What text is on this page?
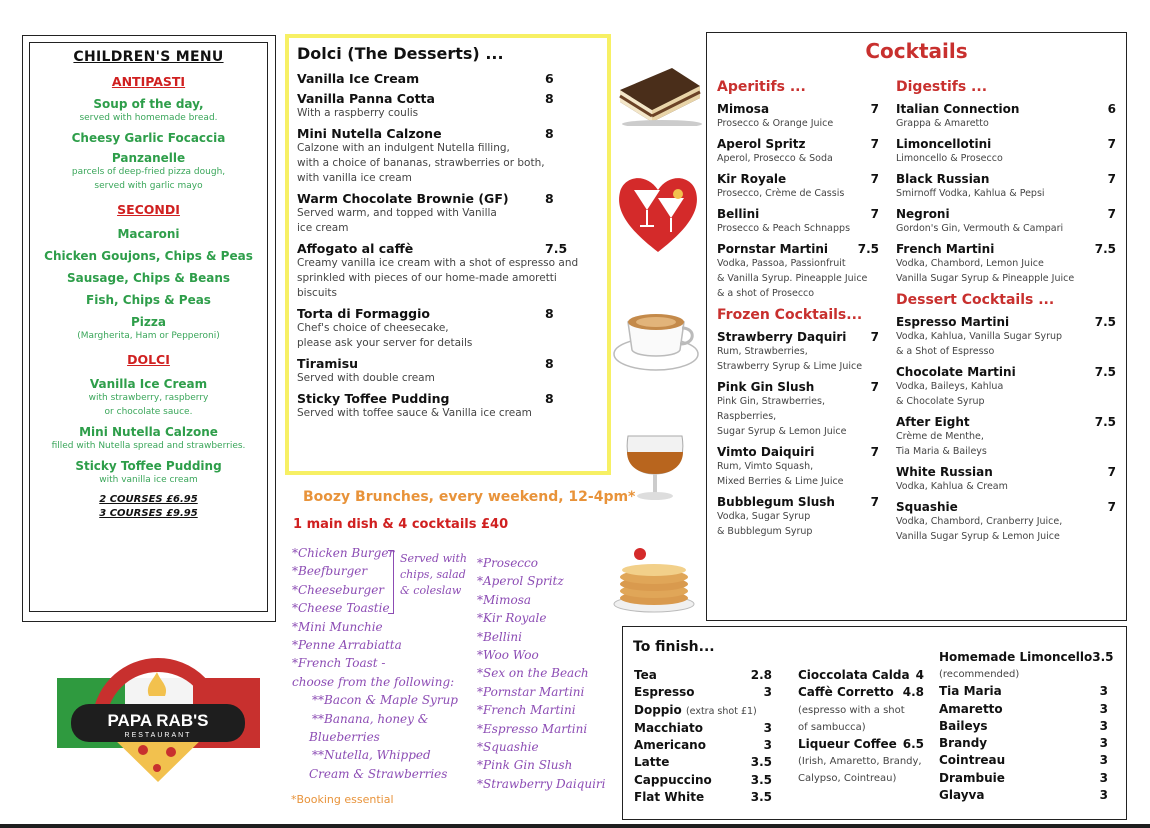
CHILDREN'S MENU
ANTIPASTI
Soup of the day,
served with homemade bread.
Cheesy Garlic Focaccia
Panzanelle
parcels of deep-fried pizza dough,
served with garlic mayo
SECONDI
Macaroni
Chicken Goujons, Chips & Peas
Sausage, Chips & Beans
Fish, Chips & Peas
Pizza
(Margherita, Ham or Pepperoni)
DOLCI
Vanilla Ice Cream
with strawberry, raspberry
or chocolate sauce.
Mini Nutella Calzone
filled with Nutella spread and strawberries.
Sticky Toffee Pudding
with vanilla ice cream
2 COURSES £6.95
3 COURSES £9.95
Dolci (The Desserts) ...
Vanilla Ice Cream	6
Vanilla Panna Cotta	8
With a raspberry coulis
Mini Nutella Calzone	8
Calzone with an indulgent Nutella filling,
with a choice of bananas, strawberries or both,
with vanilla ice cream
Warm Chocolate Brownie (GF)	8
Served warm, and topped with Vanilla
ice cream
Affogato al caffè	7.5
Creamy vanilla ice cream with a shot of espresso and
sprinkled with pieces of our home-made amoretti biscuits
Torta di Formaggio	8
Chef's choice of cheesecake,
please ask your server for details
Tiramisu	8
Served with double cream
Sticky Toffee Pudding	8
Served with toffee sauce & Vanilla ice cream
Boozy Brunches, every weekend, 12-4pm*
1 main dish & 4 cocktails £40
*Chicken Burger
*Beefburger
*Cheeseburger
*Cheese Toastie
*Mini Munchie
*Penne Arrabiatta
*French Toast -
choose from the following:
**Bacon & Maple Syrup
**Banana, honey &
Blueberries
**Nutella, Whipped
Cream & Strawberries
Served with
chips, salad
& coleslaw
*Prosecco
*Aperol Spritz
*Mimosa
*Kir Royale
*Bellini
*Woo Woo
*Sex on the Beach
*Pornstar Martini
*French Martini
*Espresso Martini
*Squashie
*Pink Gin Slush
*Strawberry Daiquiri
*Booking essential
Cocktails
Aperitifs ...
Mimosa	7
Prosecco & Orange Juice
Aperol Spritz	7
Aperol, Prosecco & Soda
Kir Royale	7
Prosecco, Crème de Cassis
Bellini	7
Prosecco & Peach Schnapps
Pornstar Martini 7.5
Vodka, Passoa, Passionfruit
& Vanilla Syrup. Pineapple Juice
& a shot of Prosecco
Frozen Cocktails...
Strawberry Daquiri 7
Rum, Strawberries,
Strawberry Syrup & Lime Juice
Pink Gin Slush	7
Pink Gin, Strawberries, Raspberries,
Sugar Syrup & Lemon Juice
Vimto Daiquiri	7
Rum, Vimto Squash,
Mixed Berries & Lime Juice
Bubblegum Slush	7
Vodka, Sugar Syrup
& Bubblegum Syrup
Digestifs ...
Italian Connection	6
Grappa & Amaretto
Limoncellotini	7
Limoncello & Prosecco
Black Russian	7
Smirnoff Vodka, Kahlua & Pepsi
Negroni	7
Gordon's Gin, Vermouth & Campari
French Martini	7.5
Vodka, Chambord, Lemon Juice
Vanilla Sugar Syrup & Pineapple Juice
Dessert Cocktails ...
Espresso Martini	7.5
Vodka, Kahlua, Vanilla Sugar Syrup
& a Shot of Espresso
Chocolate Martini	7.5
Vodka, Baileys, Kahlua
& Chocolate Syrup
After Eight	7.5
Crème de Menthe,
Tia Maria & Baileys
White Russian	7
Vodka, Kahlua & Cream
Squashie	7
Vodka, Chambord, Cranberry Juice,
Vanilla Sugar Syrup & Lemon Juice
To finish...
Tea	2.8
Espresso	3
Doppio (extra shot £1)
Macchiato	3
Americano	3
Latte	3.5
Cappuccino	3.5
Flat White	3.5
Cioccolata Calda 4
Caffè Corretto 4.8
(espresso with a shot
of sambucca)
Liqueur Coffee 6.5
(Irish, Amaretto, Brandy,
Calypso, Cointreau)
Homemade Limoncello 3.5
(recommended)
Tia Maria	3
Amaretto	3
Baileys	3
Brandy	3
Cointreau	3
Drambuie	3
Glayva	3
PAPA RAB'S
RESTAURANT
